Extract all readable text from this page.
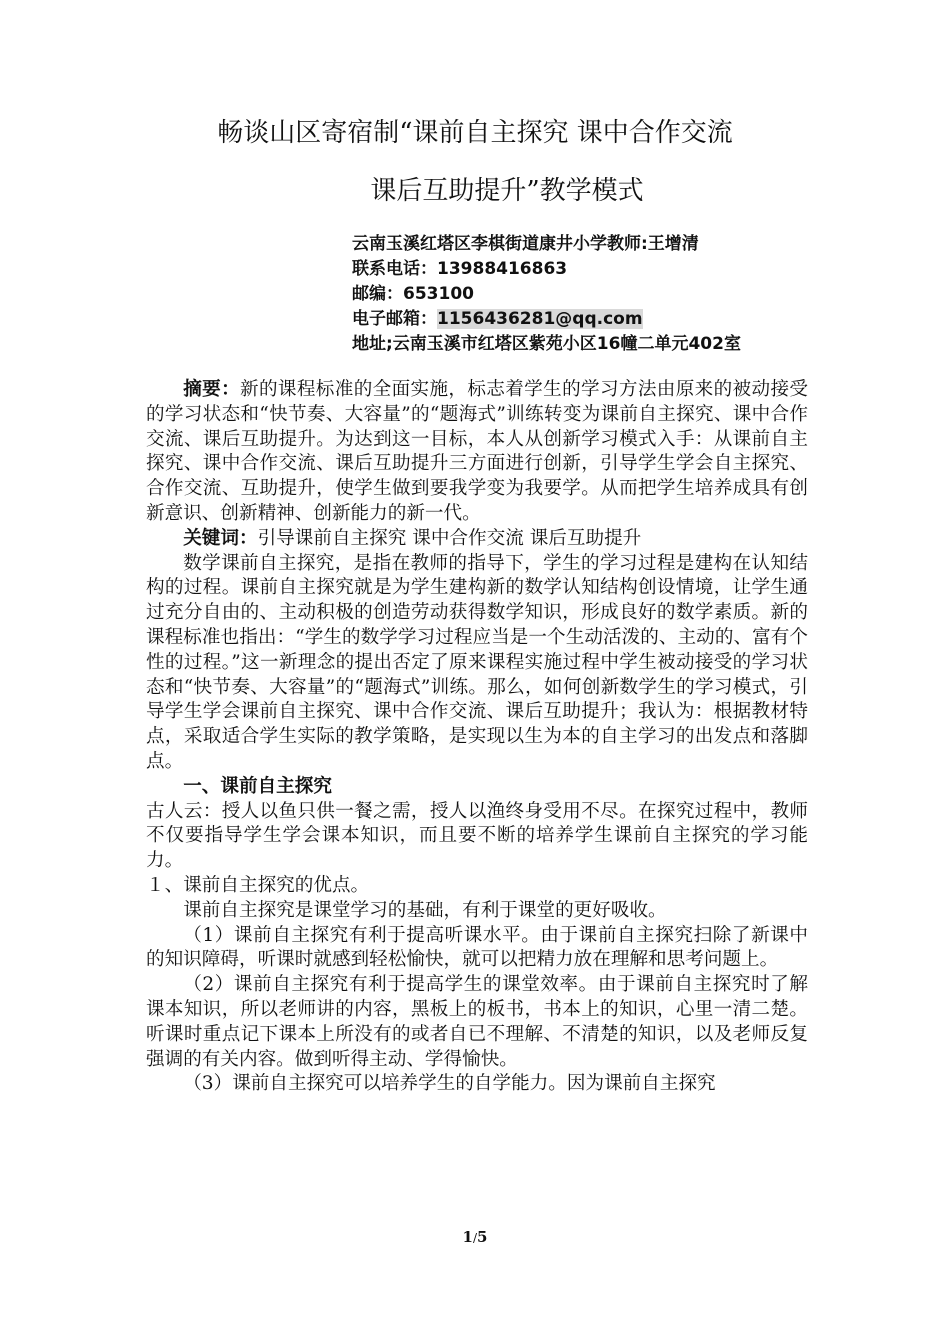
畅谈山区寄宿制“课前自主探究 课中合作交流
课后互助提升”教学模式

云南玉溪红塔区李棋街道康井小学教师:王增清

联系电话：13988416863

邮编：653100

电子邮箱：1156436281@qq.com

地址;云南玉溪市红塔区紫苑小区16幢二单元402室

摘要：新的课程标准的全面实施，标志着学生的学习方法由原来的被动接受的学习状态和“快节奏、大容量”的“题海式”训练转变为课前自主探究、课中合作交流、课后互助提升。为达到这一目标，本人从创新学习模式入手：从课前自主探究、课中合作交流、课后互助提升三方面进行创新，引导学生学会自主探究、合作交流、互助提升，使学生做到要我学变为我要学。从而把学生培养成具有创新意识、创新精神、创新能力的新一代。

关键词：引导课前自主探究 课中合作交流 课后互助提升

数学课前自主探究，是指在教师的指导下，学生的学习过程是建构在认知结构的过程。课前自主探究就是为学生建构新的数学认知结构创设情境，让学生通过充分自由的、主动积极的创造劳动获得数学知识，形成良好的数学素质。新的课程标准也指出：“学生的数学学习过程应当是一个生动活泼的、主动的、富有个性的过程。”这一新理念的提出否定了原来课程实施过程中学生被动接受的学习状态和“快节奏、大容量”的“题海式”训练。那么，如何创新数学生的学习模式，引导学生学会课前自主探究、课中合作交流、课后互助提升；我认为：根据教材特点，采取适合学生实际的教学策略，是实现以生为本的自主学习的出发点和落脚点。

一、课前自主探究

古人云：授人以鱼只供一餐之需，授人以渔终身受用不尽。在探究过程中，教师不仅要指导学生学会课本知识，而且要不断的培养学生课前自主探究的学习能力。

１、课前自主探究的优点。

课前自主探究是课堂学习的基础，有利于课堂的更好吸收。

（1）课前自主探究有利于提高听课水平。由于课前自主探究扫除了新课中的知识障碍，听课时就感到轻松愉快，就可以把精力放在理解和思考问题上。

（2）课前自主探究有利于提高学生的课堂效率。由于课前自主探究时了解课本知识，所以老师讲的内容，黑板上的板书，书本上的知识，心里一清二楚。听课时重点记下课本上所没有的或者自已不理解、不清楚的知识，以及老师反复强调的有关内容。做到听得主动、学得愉快。

（3）课前自主探究可以培养学生的自学能力。因为课前自主探究

1/5
